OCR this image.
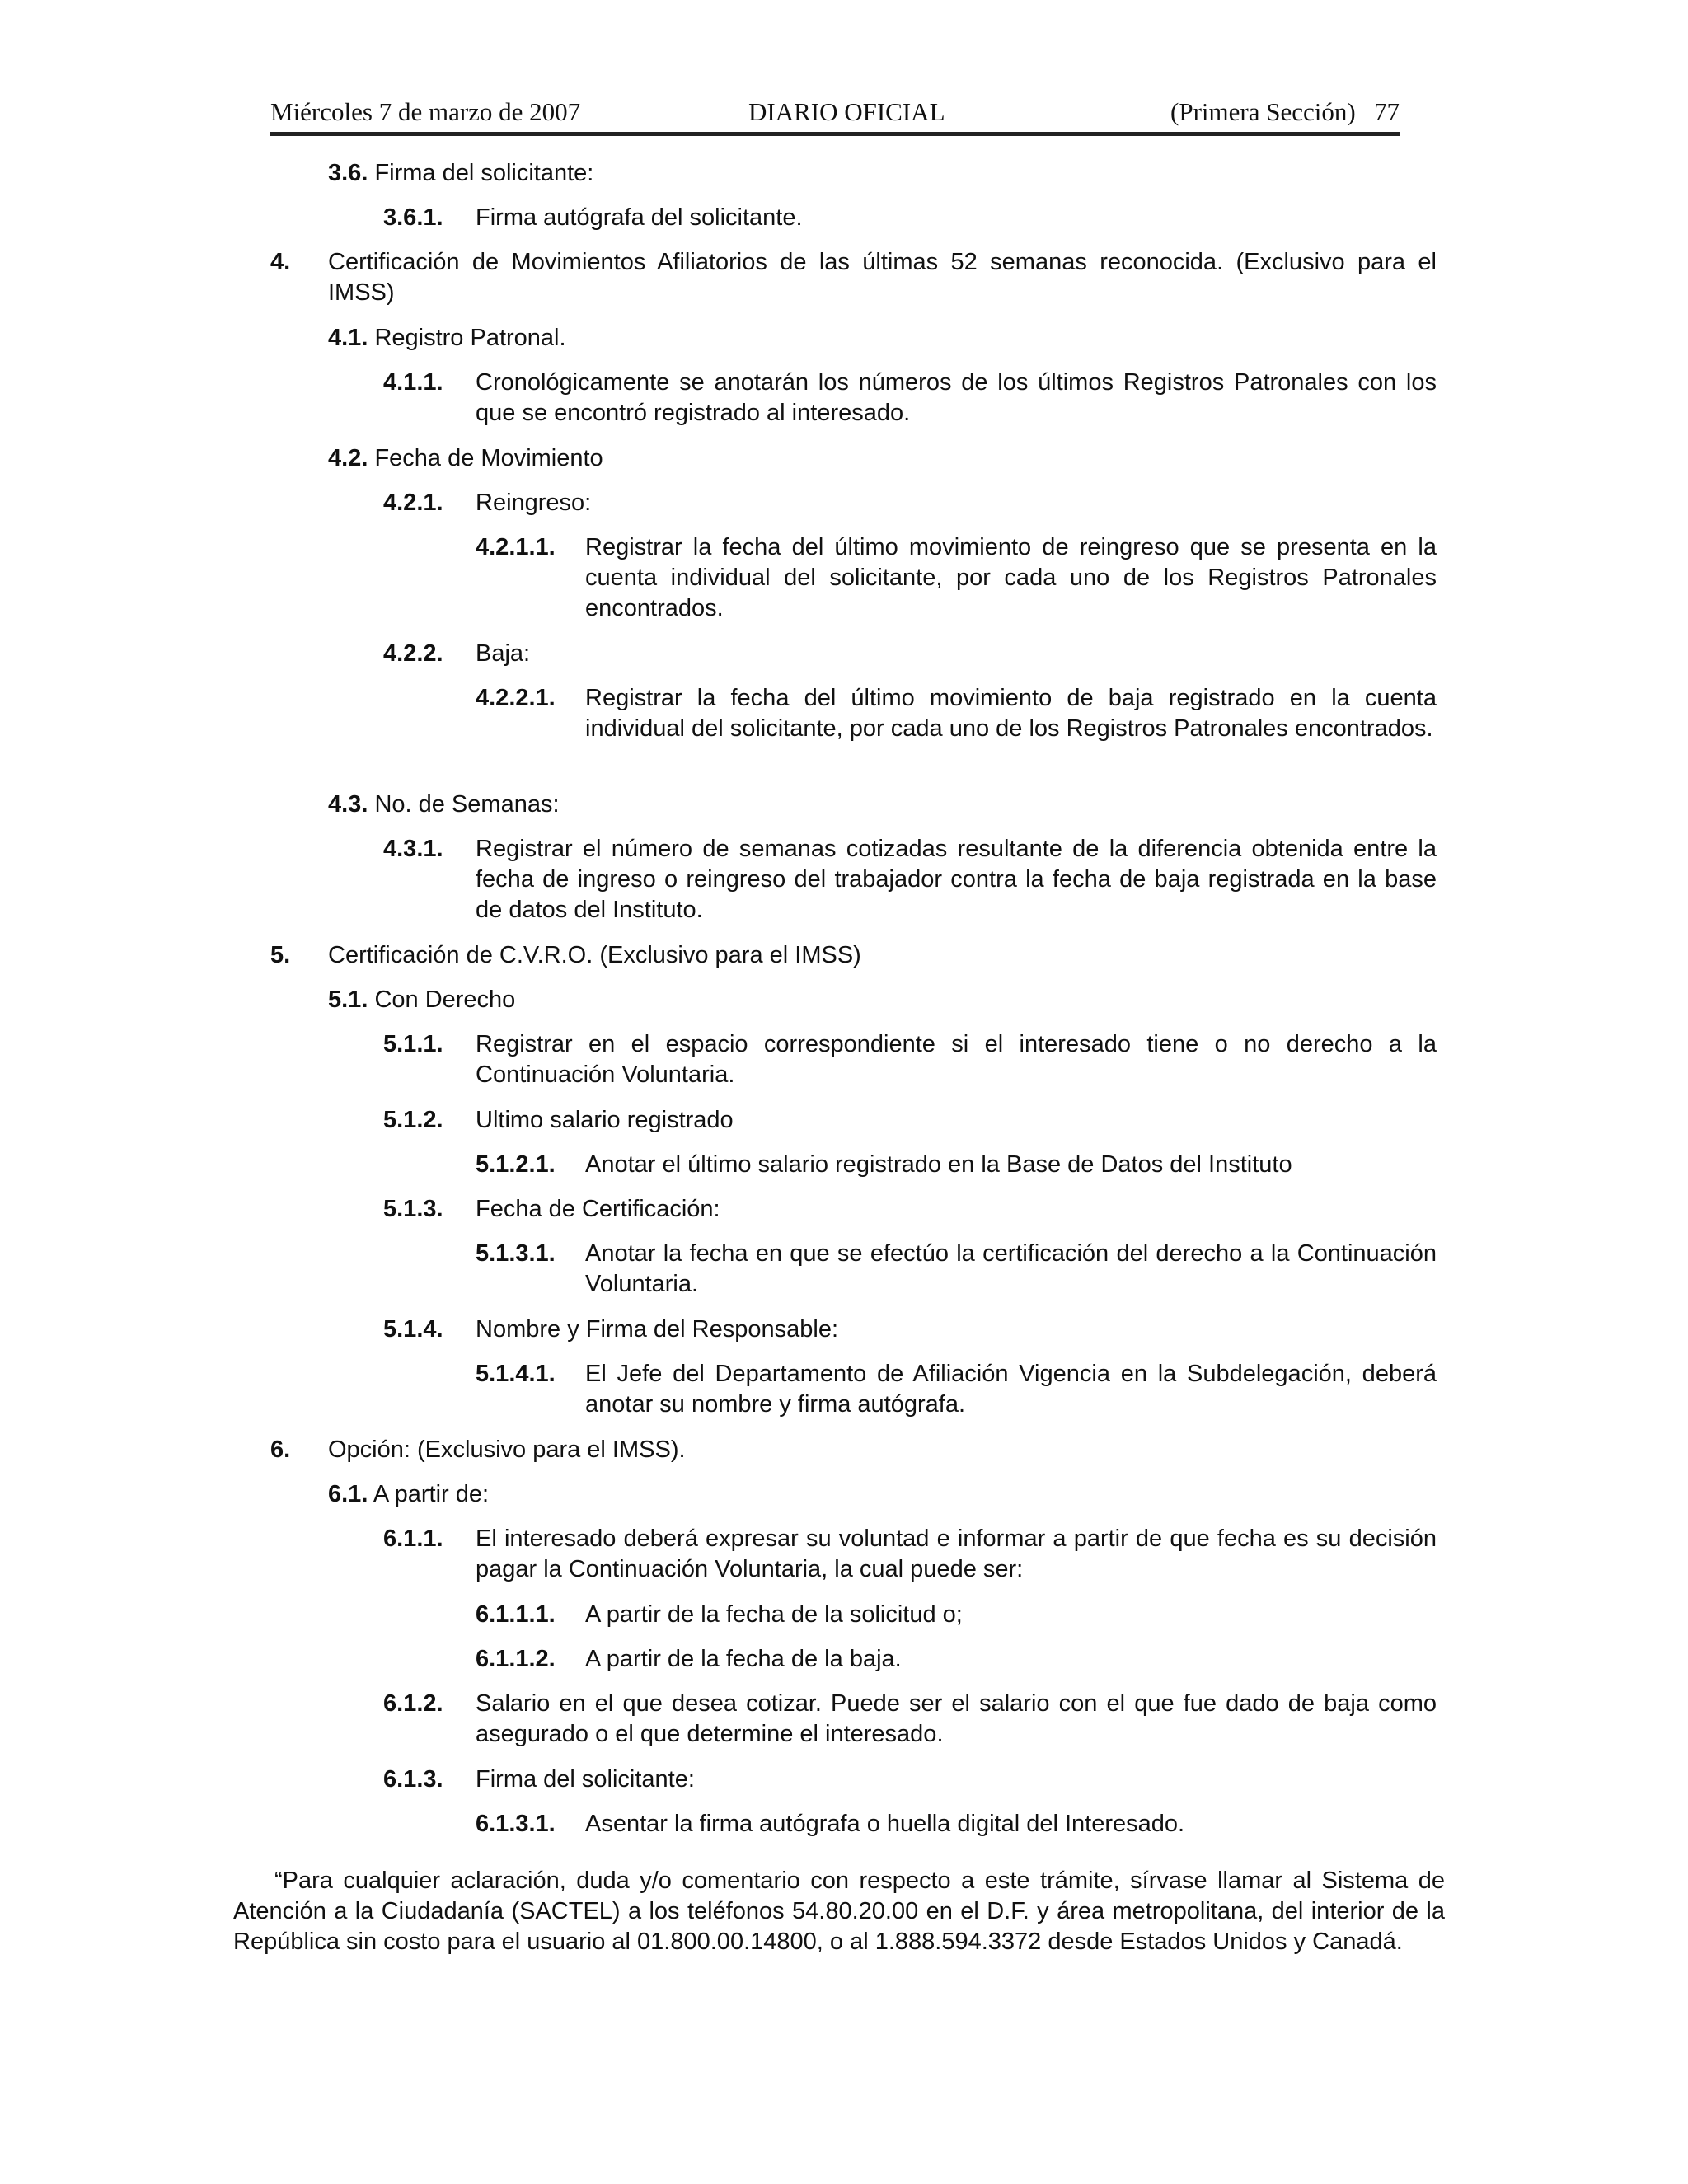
Miércoles 7 de marzo de 2007	DIARIO OFICIAL	(Primera Sección) 77
3.6. Firma del solicitante:
3.6.1. Firma autógrafa del solicitante.
4. Certificación de Movimientos Afiliatorios de las últimas 52 semanas reconocida. (Exclusivo para el IMSS)
4.1. Registro Patronal.
4.1.1. Cronológicamente se anotarán los números de los últimos Registros Patronales con los que se encontró registrado al interesado.
4.2. Fecha de Movimiento
4.2.1. Reingreso:
4.2.1.1. Registrar la fecha del último movimiento de reingreso que se presenta en la cuenta individual del solicitante, por cada uno de los Registros Patronales encontrados.
4.2.2. Baja:
4.2.2.1. Registrar la fecha del último movimiento de baja registrado en la cuenta individual del solicitante, por cada uno de los Registros Patronales encontrados.
4.3. No. de Semanas:
4.3.1. Registrar el número de semanas cotizadas resultante de la diferencia obtenida entre la fecha de ingreso o reingreso del trabajador contra la fecha de baja registrada en la base de datos del Instituto.
5. Certificación de C.V.R.O. (Exclusivo para el IMSS)
5.1. Con Derecho
5.1.1. Registrar en el espacio correspondiente si el interesado tiene o no derecho a la Continuación Voluntaria.
5.1.2. Ultimo salario registrado
5.1.2.1. Anotar el último salario registrado en la Base de Datos del Instituto
5.1.3. Fecha de Certificación:
5.1.3.1. Anotar la fecha en que se efectúo la certificación del derecho a la Continuación Voluntaria.
5.1.4. Nombre y Firma del Responsable:
5.1.4.1. El Jefe del Departamento de Afiliación Vigencia en la Subdelegación, deberá anotar su nombre y firma autógrafa.
6. Opción: (Exclusivo para el IMSS).
6.1. A partir de:
6.1.1. El interesado deberá expresar su voluntad e informar a partir de que fecha es su decisión pagar la Continuación Voluntaria, la cual puede ser:
6.1.1.1. A partir de la fecha de la solicitud o;
6.1.1.2. A partir de la fecha de la baja.
6.1.2. Salario en el que desea cotizar. Puede ser el salario con el que fue dado de baja como asegurado o el que determine el interesado.
6.1.3. Firma del solicitante:
6.1.3.1. Asentar la firma autógrafa o huella digital del Interesado.
“Para cualquier aclaración, duda y/o comentario con respecto a este trámite, sírvase llamar al Sistema de Atención a la Ciudadanía (SACTEL) a los teléfonos 54.80.20.00 en el D.F. y área metropolitana, del interior de la República sin costo para el usuario al 01.800.00.14800, o al 1.888.594.3372 desde Estados Unidos y Canadá.
